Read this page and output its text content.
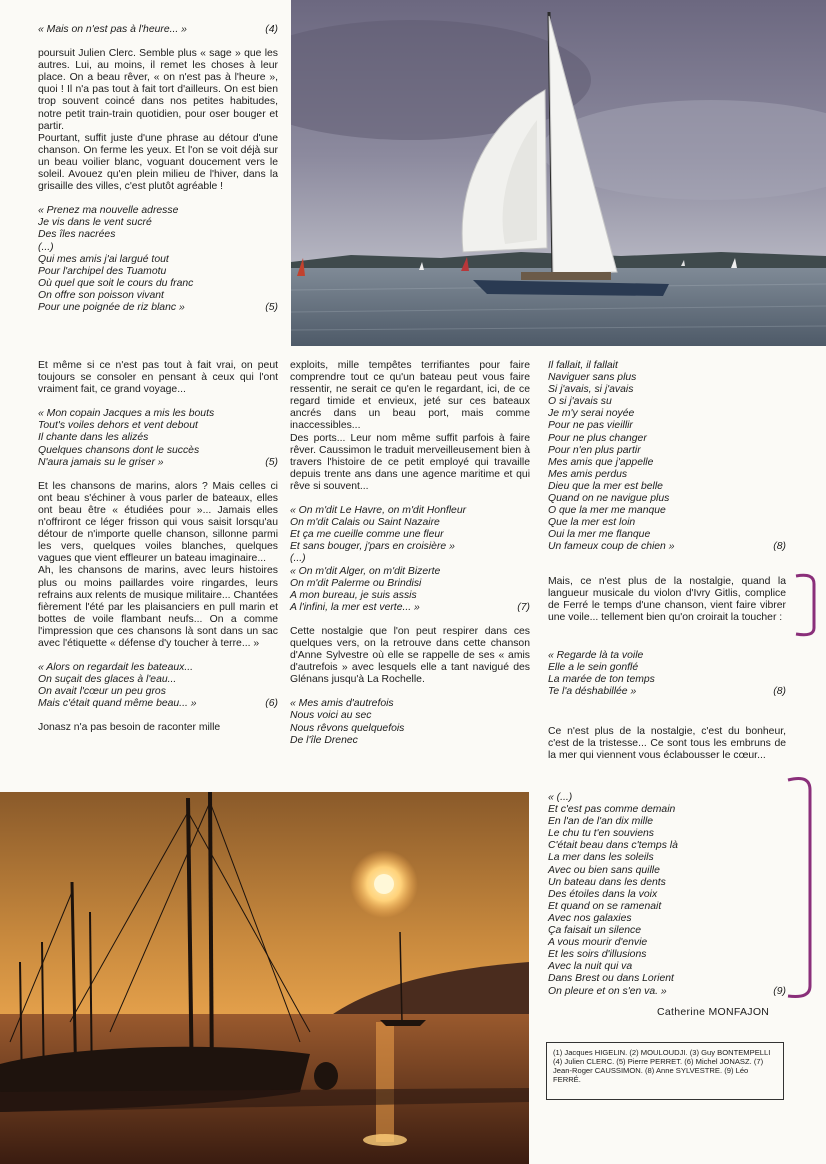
« Mais on n'est pas à l'heure... »	(4)

poursuit Julien Clerc. Semble plus « sage » que les autres. Lui, au moins, il remet les choses à leur place. On a beau rêver, « on n'est pas à l'heure », quoi ! Il n'a pas tout à fait tort d'ailleurs. On est bien trop souvent coincé dans nos petites habitudes, notre petit train-train quotidien, pour oser bouger et partir.

Pourtant, suffit juste d'une phrase au détour d'une chanson. On ferme les yeux. Et l'on se voit déjà sur un beau voilier blanc, voguant doucement vers le soleil. Avouez qu'en plein milieu de l'hiver, dans la grisaille des villes, c'est plutôt agréable !

« Prenez ma nouvelle adresse
Je vis dans le vent sucré
Des îles nacrées
(...)
Qui mes amis j'ai largué tout
Pour l'archipel des Tuamotu
Où quel que soit le cours du franc
On offre son poisson vivant
Pour une poignée de riz blanc »	(5)

Et même si ce n'est pas tout à fait vrai, on peut toujours se consoler en pensant à ceux qui l'ont vraiment fait, ce grand voyage...

« Mon copain Jacques a mis les bouts
Tout's voiles dehors et vent debout
Il chante dans les alizés
Quelques chansons dont le succès
N'aura jamais su le griser »	(5)

Et les chansons de marins, alors ? Mais celles ci ont beau s'échiner à vous parler de bateaux, elles ont beau être « étudiées pour »... Jamais elles n'offriront ce léger frisson qui vous saisit lorsqu'au détour de n'importe quelle chanson, sillonne parmi les vers, quelques voiles blanches, quelques vagues que vient effleurer un bateau imaginaire...

Ah, les chansons de marins, avec leurs histoires plus ou moins paillardes voire ringardes, leurs refrains aux relents de musique militaire... Chantées fièrement l'été par les plaisanciers en pull marin et bottes de voile flambant neufs... On a comme l'impression que ces chansons là sont dans un sac avec l'étiquette « défense d'y toucher à terre... »

« Alors on regardait les bateaux...
On suçait des glaces à l'eau...
On avait l'cœur un peu gros
Mais c'était quand même beau... »	(6)

Jonasz n'a pas besoin de raconter mille

exploits, mille tempêtes terrifiantes pour faire comprendre tout ce qu'un bateau peut vous faire ressentir, ne serait ce qu'en le regardant, ici, de ce regard timide et envieux, jeté sur ces bateaux ancrés dans un beau port, mais comme inaccessibles...

Des ports... Leur nom même suffit parfois à faire rêver. Caussimon le traduit merveilleusement bien à travers l'histoire de ce petit employé qui travaille depuis trente ans dans une agence maritime et qui rêve si souvent...

« On m'dit Le Havre, on m'dit Honfleur
On m'dit Calais ou Saint Nazaire
Et ça me cueille comme une fleur
Et sans bouger, j'pars en croisière »
(...)
« On m'dit Alger, on m'dit Bizerte
On m'dit Palerme ou Brindisi
A mon bureau, je suis assis
A l'infini, la mer est verte... »	(7)

Cette nostalgie que l'on peut respirer dans ces quelques vers, on la retrouve dans cette chanson d'Anne Sylvestre où elle se rappelle de ses « amis d'autrefois » avec lesquels elle a tant navigué des Glénans jusqu'à La Rochelle.

« Mes amis d'autrefois
Nous voici au sec
Nous rêvons quelquefois
De l'île Drenec
Il fallait, il fallait
Naviguer sans plus
Si j'avais, si j'avais
O si j'avais su
Je m'y serai noyée
Pour ne pas vieillir
Pour ne plus changer
Pour n'en plus partir
Mes amis que j'appelle
Mes amis perdus
Dieu que la mer est belle
Quand on ne navigue plus
O que la mer me manque
Que la mer est loin
Oui la mer me flanque
Un fameux coup de chien »	(8)

Mais, ce n'est plus de la nostalgie, quand la langueur musicale du violon d'Ivry Gitlis, complice de Ferré le temps d'une chanson, vient faire vibrer une voile... tellement bien qu'on croirait la toucher :

« Regarde là ta voile
Elle a le sein gonflé
La marée de ton temps
Te l'a déshabillée »	(8)

Ce n'est plus de la nostalgie, c'est du bonheur, c'est de la tristesse... Ce sont tous les embruns de la mer qui viennent vous éclabousser le cœur...

« (...)
Et c'est pas comme demain
En l'an de l'an dix mille
Le chu tu t'en souviens
C'était beau dans c'temps là
La mer dans les soleils
Avec ou bien sans quille
Un bateau dans les dents
Des étoiles dans la voix
Et quand on se ramenait
Avec nos galaxies
Ça faisait un silence
A vous mourir d'envie
Et les soirs d'illusions
Avec la nuit qui va
Dans Brest ou dans Lorient
On pleure et on s'en va. »	(9)
Catherine MONFAJON
(1) Jacques HIGELIN. (2) MOULOUDJI. (3) Guy BONTEMPELLI (4) Julien CLERC. (5) Pierre PERRET. (6) Michel JONASZ. (7) Jean-Roger CAUSSIMON. (8) Anne SYLVESTRE. (9) Léo FERRÉ.
